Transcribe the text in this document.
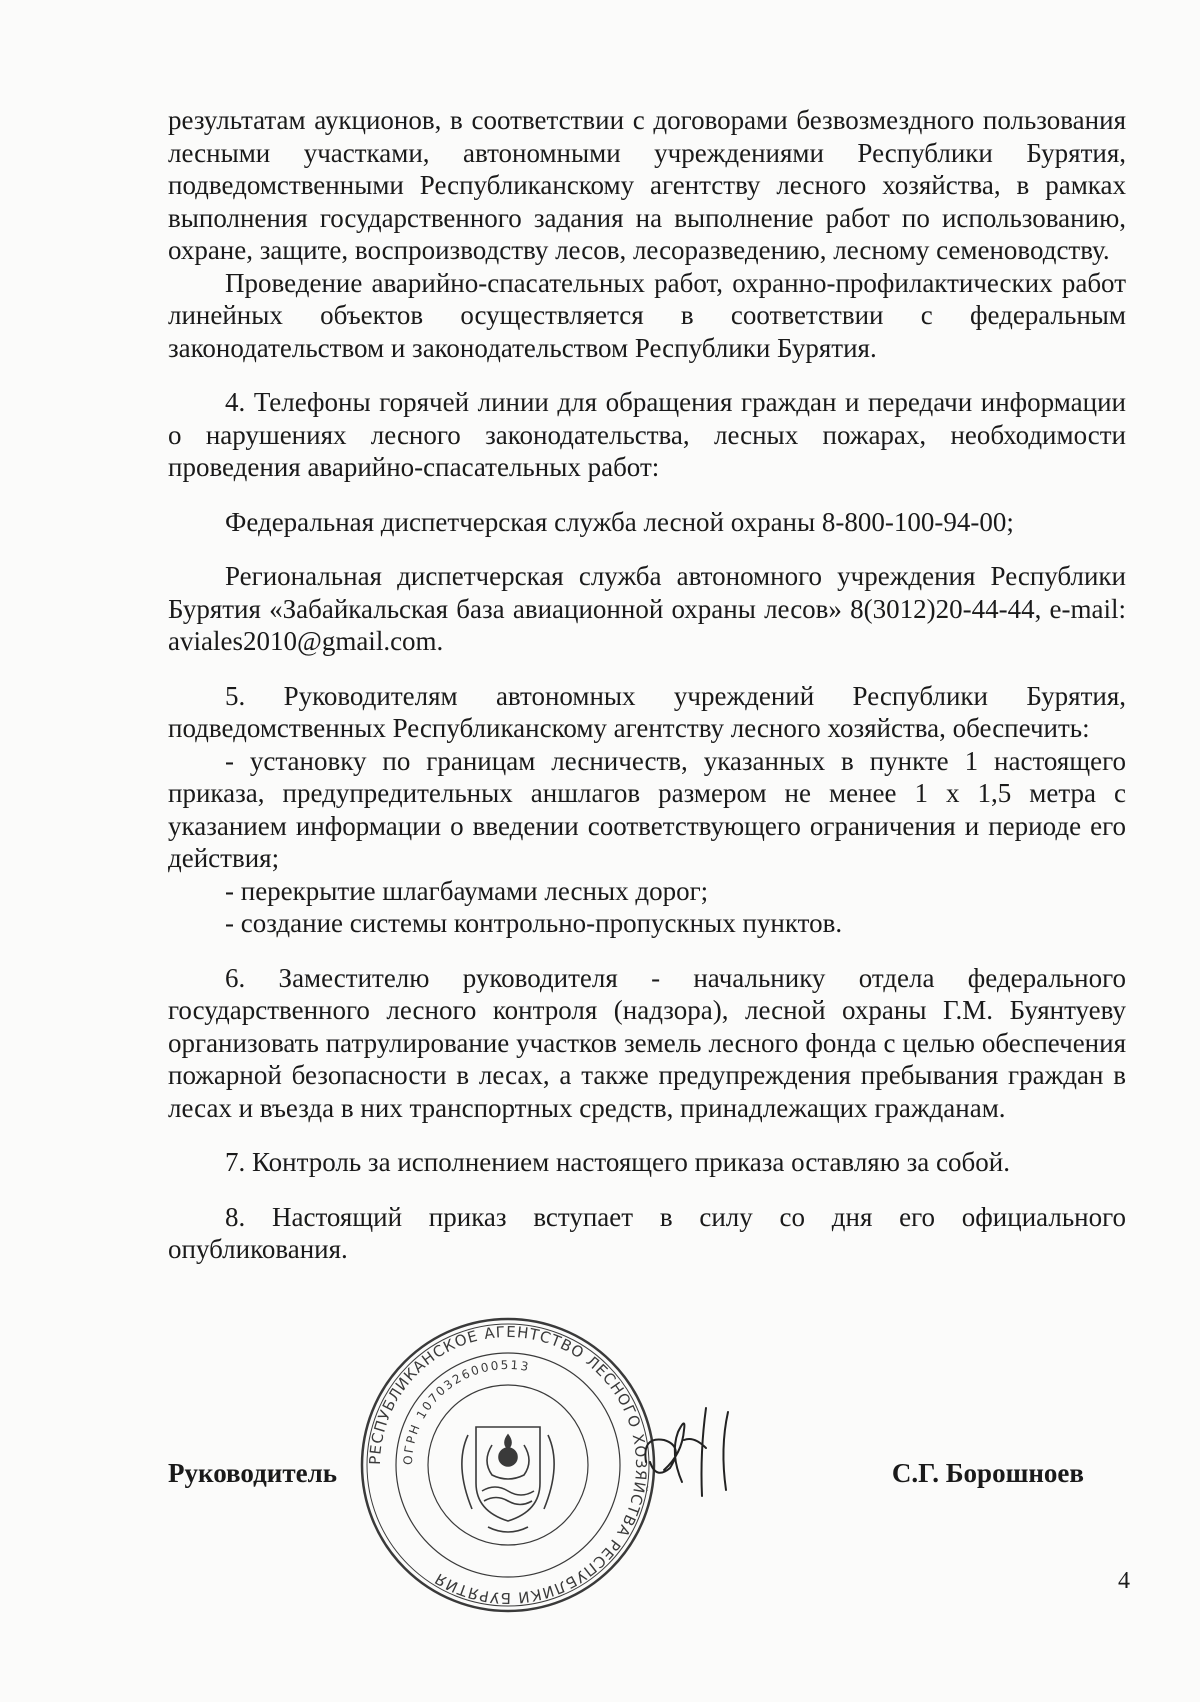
результатам аукционов, в соответствии с договорами безвозмездного пользования лесными участками, автономными учреждениями Республики Бурятия, подведомственными Республиканскому агентству лесного хозяйства, в рамках выполнения государственного задания на выполнение работ по использованию, охране, защите, воспроизводству лесов, лесоразведению, лесному семеноводству.

Проведение аварийно-спасательных работ, охранно-профилактических работ линейных объектов осуществляется в соответствии с федеральным законодательством и законодательством Республики Бурятия.

4. Телефоны горячей линии для обращения граждан и передачи информации о нарушениях лесного законодательства, лесных пожарах, необходимости проведения аварийно-спасательных работ:

Федеральная диспетчерская служба лесной охраны 8-800-100-94-00;

Региональная диспетчерская служба автономного учреждения Республики Бурятия «Забайкальская база авиационной охраны лесов» 8(3012)20-44-44, e-mail: aviales2010@gmail.com.

5. Руководителям автономных учреждений Республики Бурятия, подведомственных Республиканскому агентству лесного хозяйства, обеспечить:

- установку по границам лесничеств, указанных в пункте 1 настоящего приказа, предупредительных аншлагов размером не менее 1 х 1,5 метра с указанием информации о введении соответствующего ограничения и периоде его действия;

- перекрытие шлагбаумами лесных дорог;

- создание системы контрольно-пропускных пунктов.

6. Заместителю руководителя - начальнику отдела федерального государственного лесного контроля (надзора), лесной охраны Г.М. Буянтуеву организовать патрулирование участков земель лесного фонда с целью обеспечения пожарной безопасности в лесах, а также предупреждения пребывания граждан в лесах и въезда в них транспортных средств, принадлежащих гражданам.

7. Контроль за исполнением настоящего приказа оставляю за собой.

8. Настоящий приказ вступает в силу со дня его официального опубликования.

Руководитель	С.Г. Борошноев
РЕСПУБЛИКАНСКОЕ АГЕНТСТВО ЛЕСНОГО ХОЗЯЙСТВА РЕСПУБЛИКИ БУРЯТИЯ
ОГРН 1070326000513
4
